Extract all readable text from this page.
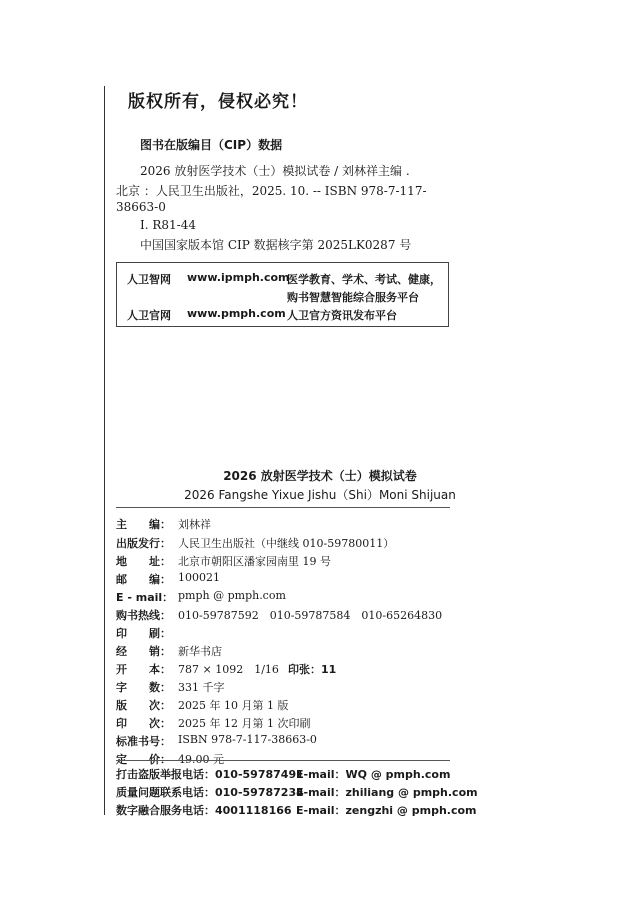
版权所有，侵权必究！
图书在版编目（CIP）数据
2026 放射医学技术（士）模拟试卷 / 刘林祥主编 .
北京 ：人民卫生出版社，2025. 10. -- ISBN 978-7-117-
38663-0
Ⅰ. R81-44
中国国家版本馆 CIP 数据核字第 2025LK0287 号
人卫智网 www.ipmph.com
医学教育、学术、考试、健康，
购书智慧智能综合服务平台
人卫官网 www.pmph.com 人卫官方资讯发布平台
2026 放射医学技术（士）模拟试卷
2026 Fangshe Yixue Jishu（Shi）Moni Shijuan
主　　编： 刘林祥
出版发行： 人民卫生出版社（中继线 010-59780011）
地　　址： 北京市朝阳区潘家园南里 19 号
邮　　编： 100021
E - mail： pmph @ pmph.com
购书热线： 010-59787592　010-59787584　010-65264830
印　　刷：
经　　销： 新华书店
开　　本： 787 × 1092　1/16 印张：11
字　　数： 331 千字
版　　次： 2025 年 10 月第 1 版
印　　次： 2025 年 12 月第 1 次印刷
标准书号： ISBN 978-7-117-38663-0
定　　价： 49.00 元
打击盗版举报电话：010-59787491
E-mail：WQ @ pmph.com
质量问题联系电话：010-59787234
E-mail：zhiliang @ pmph.com
数字融合服务电话：4001118166 E-mail：zengzhi @ pmph.com
